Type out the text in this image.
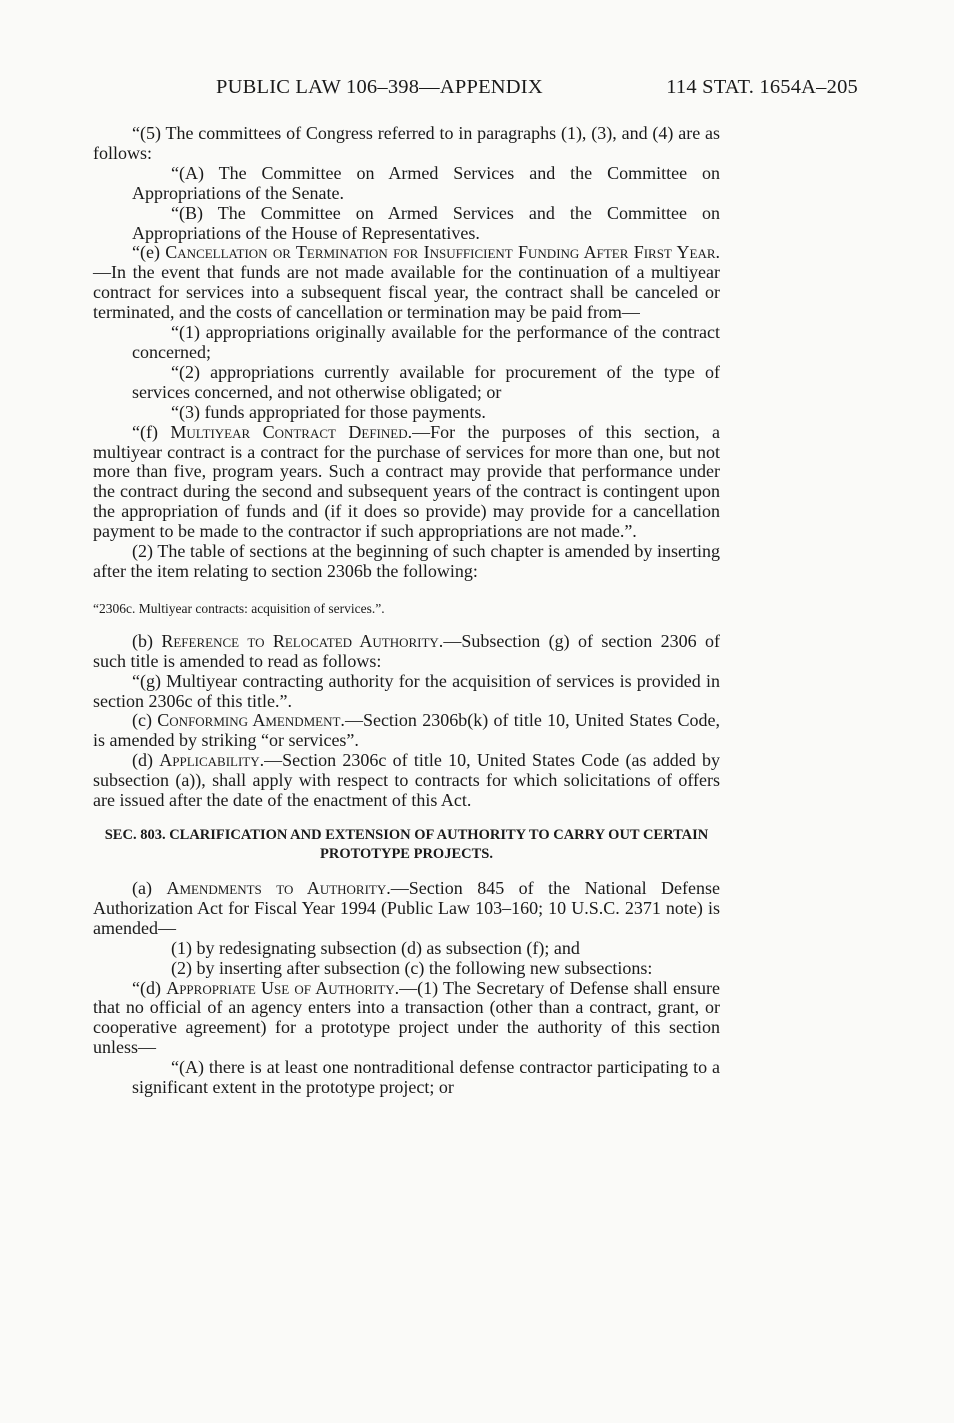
PUBLIC LAW 106–398—APPENDIX	114 STAT. 1654A–205

“(5) The committees of Congress referred to in paragraphs (1), (3), and (4) are as follows:

“(A) The Committee on Armed Services and the Committee on Appropriations of the Senate.

“(B) The Committee on Armed Services and the Committee on Appropriations of the House of Representatives.

“(e) Cancellation or Termination for Insufficient Funding After First Year.—In the event that funds are not made available for the continuation of a multiyear contract for services into a subsequent fiscal year, the contract shall be canceled or terminated, and the costs of cancellation or termination may be paid from—

“(1) appropriations originally available for the performance of the contract concerned;

“(2) appropriations currently available for procurement of the type of services concerned, and not otherwise obligated; or

“(3) funds appropriated for those payments.

“(f) Multiyear Contract Defined.—For the purposes of this section, a multiyear contract is a contract for the purchase of services for more than one, but not more than five, program years. Such a contract may provide that performance under the contract during the second and subsequent years of the contract is contingent upon the appropriation of funds and (if it does so provide) may provide for a cancellation payment to be made to the contractor if such appropriations are not made.”.

(2) The table of sections at the beginning of such chapter is amended by inserting after the item relating to section 2306b the following:

“2306c. Multiyear contracts: acquisition of services.”.

(b) Reference to Relocated Authority.—Subsection (g) of section 2306 of such title is amended to read as follows:

“(g) Multiyear contracting authority for the acquisition of services is provided in section 2306c of this title.”.

(c) Conforming Amendment.—Section 2306b(k) of title 10, United States Code, is amended by striking “or services”.

(d) Applicability.—Section 2306c of title 10, United States Code (as added by subsection (a)), shall apply with respect to contracts for which solicitations of offers are issued after the date of the enactment of this Act.

SEC. 803. CLARIFICATION AND EXTENSION OF AUTHORITY TO CARRY OUT CERTAIN PROTOTYPE PROJECTS.

(a) Amendments to Authority.—Section 845 of the National Defense Authorization Act for Fiscal Year 1994 (Public Law 103–160; 10 U.S.C. 2371 note) is amended—

(1) by redesignating subsection (d) as subsection (f); and

(2) by inserting after subsection (c) the following new subsections:

“(d) Appropriate Use of Authority.—(1) The Secretary of Defense shall ensure that no official of an agency enters into a transaction (other than a contract, grant, or cooperative agreement) for a prototype project under the authority of this section unless—

“(A) there is at least one nontraditional defense contractor participating to a significant extent in the prototype project; or
